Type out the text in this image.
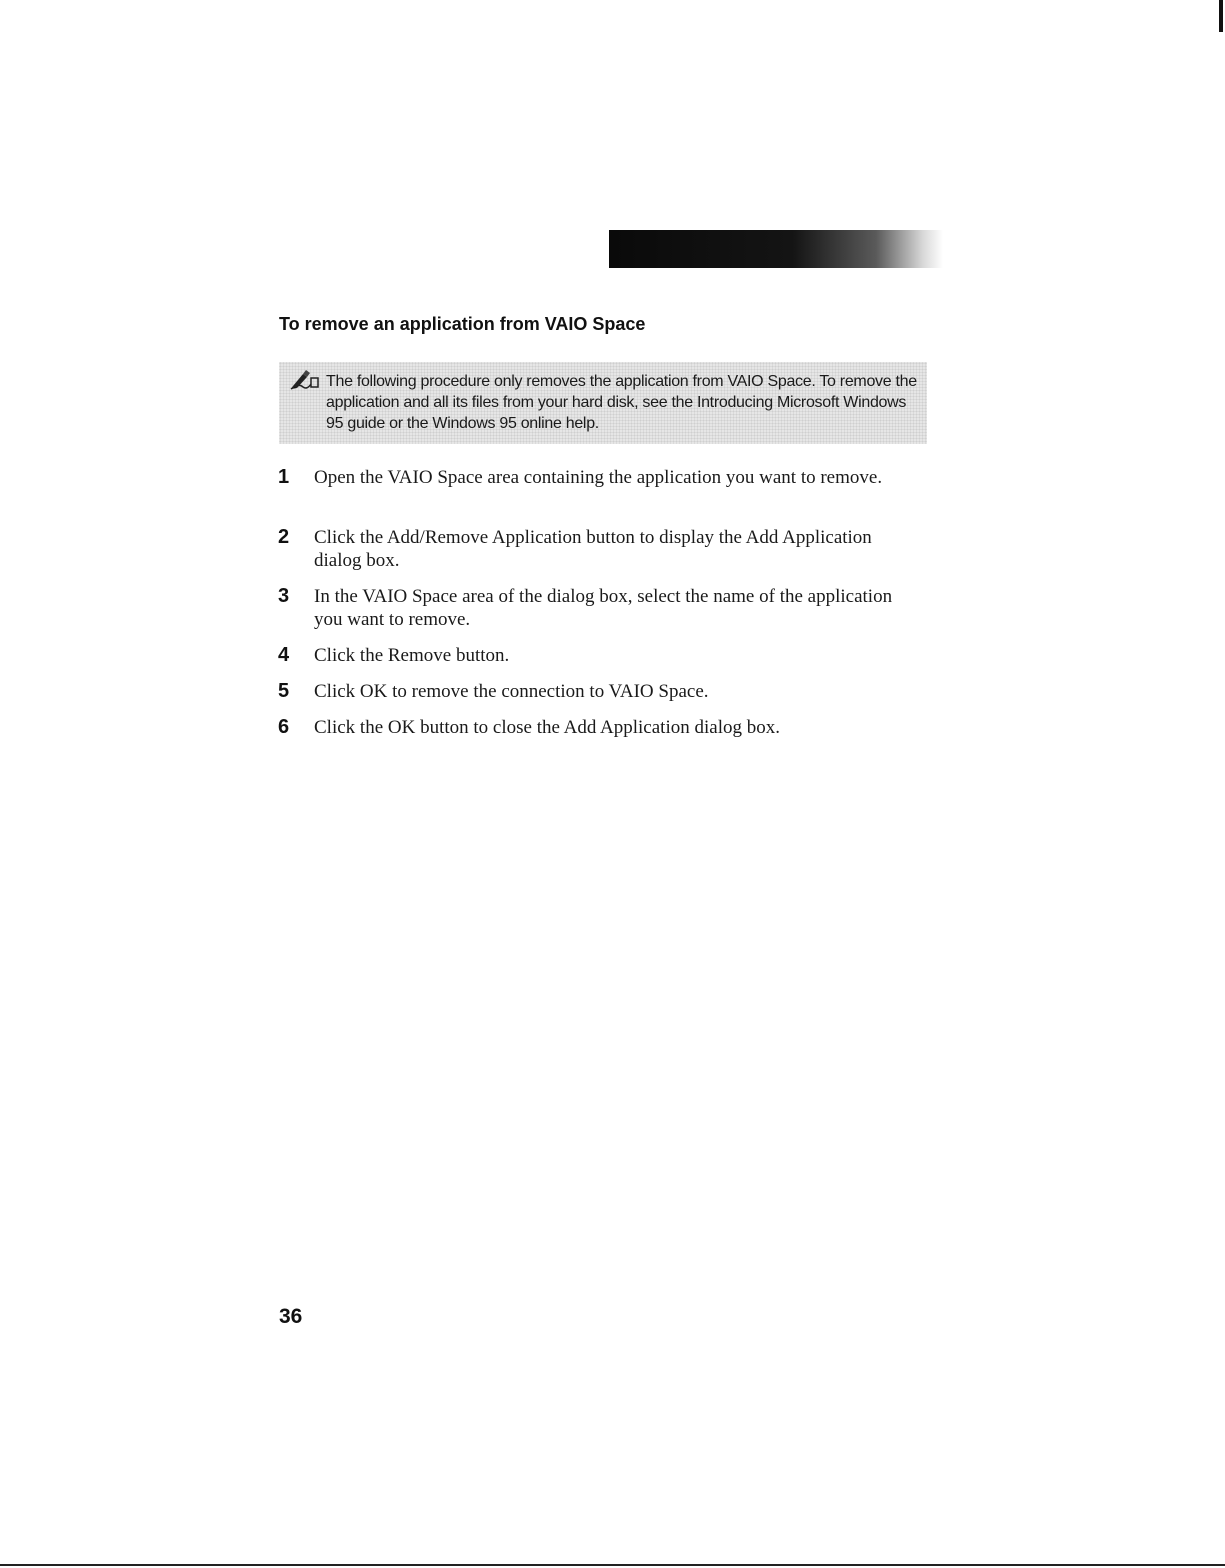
To remove an application from VAIO Space
The following procedure only removes the application from VAIO Space. To remove the application and all its files from your hard disk, see the Introducing Microsoft Windows 95 guide or the Windows 95 online help.
1 Open the VAIO Space area containing the application you want to remove.
2 Click the Add/Remove Application button to display the Add Application dialog box.
3 In the VAIO Space area of the dialog box, select the name of the application you want to remove.
4 Click the Remove button.
5 Click OK to remove the connection to VAIO Space.
6 Click the OK button to close the Add Application dialog box.
36
